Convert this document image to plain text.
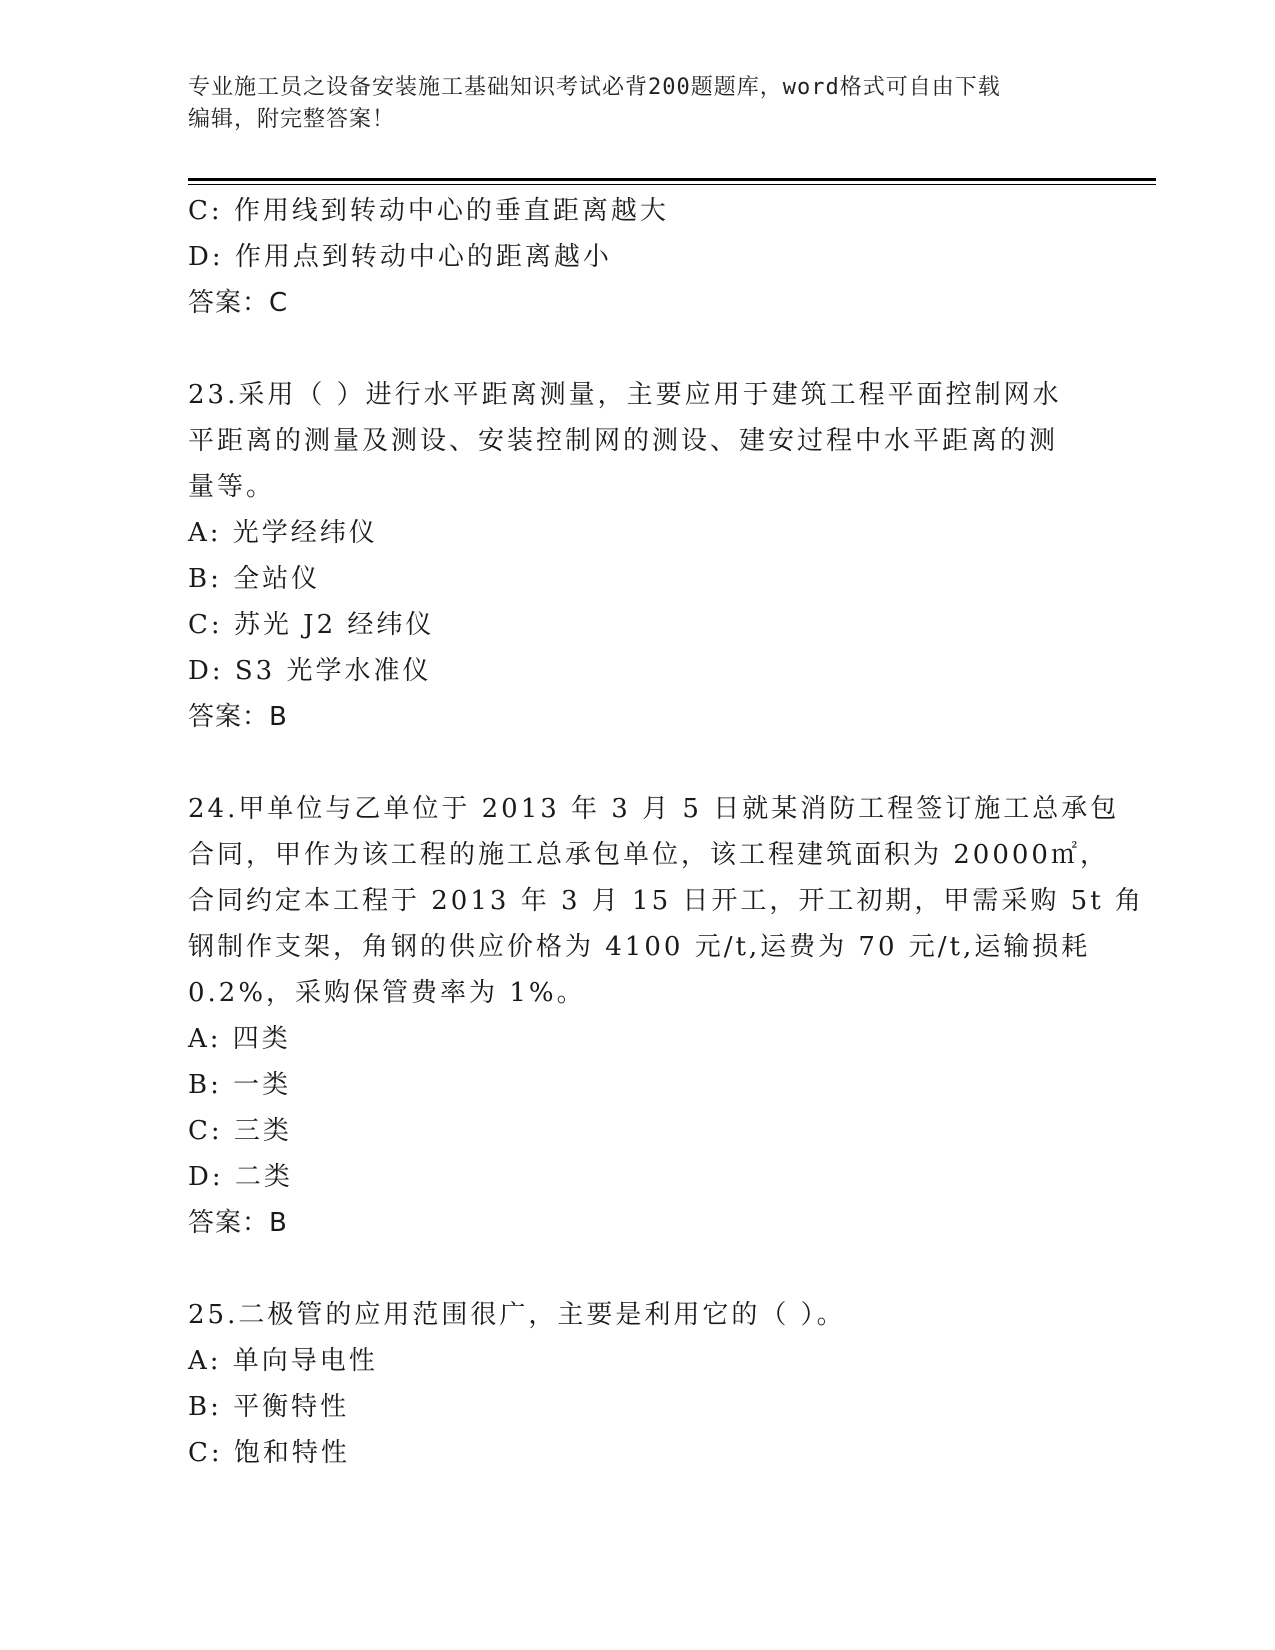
专业施工员之设备安装施工基础知识考试必背200题题库，word格式可自由下载
编辑，附完整答案！
C: 作用线到转动中心的垂直距离越大
D: 作用点到转动中心的距离越小
答案：C
23.采用（ ）进行水平距离测量，主要应用于建筑工程平面控制网水
平距离的测量及测设、安装控制网的测设、建安过程中水平距离的测
量等。
A: 光学经纬仪
B: 全站仪
C: 苏光 J2 经纬仪
D: S3 光学水准仪
答案：B
24.甲单位与乙单位于 2013 年 3 月 5 日就某消防工程签订施工总承包
合同，甲作为该工程的施工总承包单位，该工程建筑面积为 20000㎡，
合同约定本工程于 2013 年 3 月 15 日开工，开工初期，甲需采购 5t 角
钢制作支架，角钢的供应价格为 4100 元/t,运费为 70 元/t,运输损耗
0.2%，采购保管费率为 1%。
A: 四类
B: 一类
C: 三类
D: 二类
答案：B
25.二极管的应用范围很广，主要是利用它的（ ）。
A: 单向导电性
B: 平衡特性
C: 饱和特性
